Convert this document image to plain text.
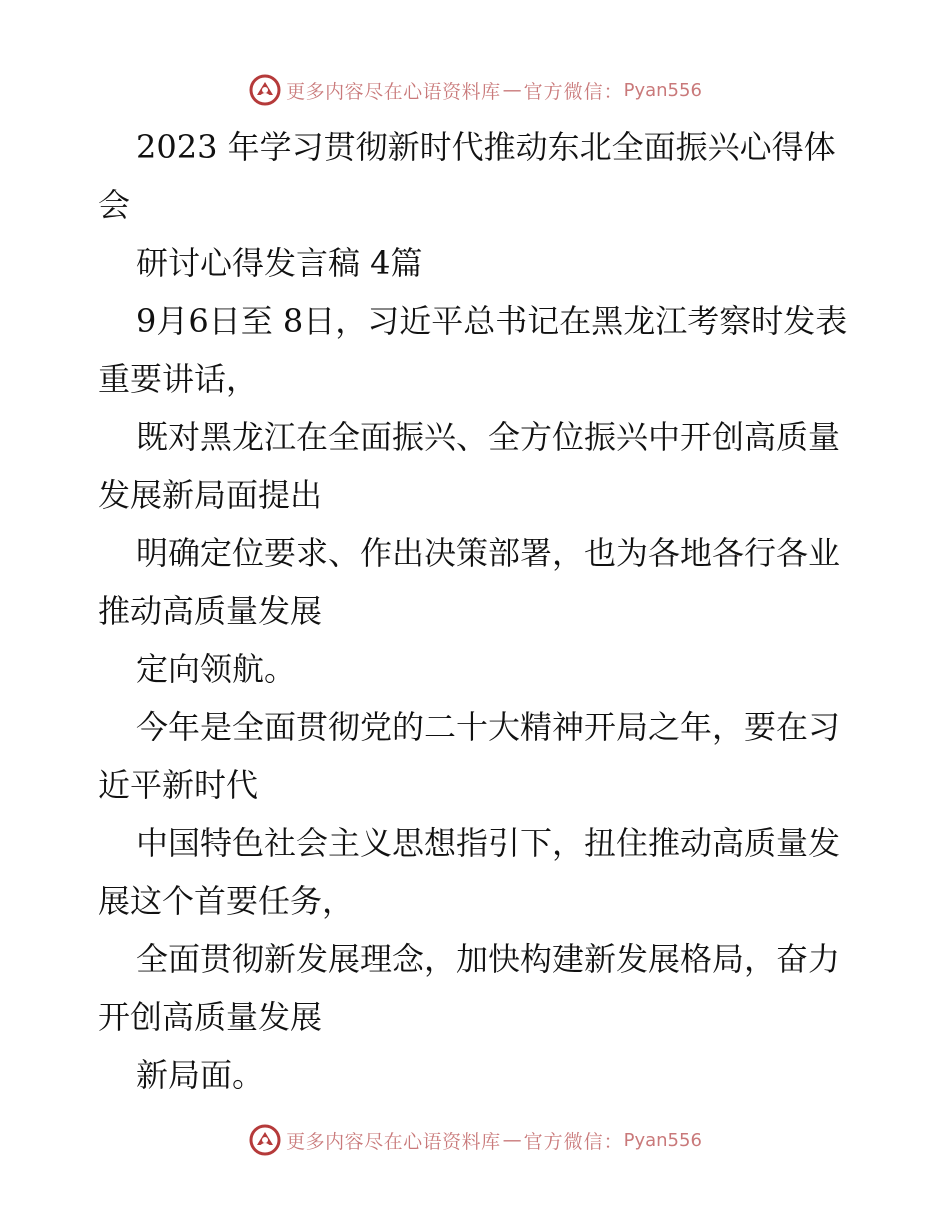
更多内容尽在心语资料库 — 官方微信： Pyan556

2023 年学习贯彻新时代推动东北全面振兴心得体会

研讨心得发言稿 4篇

9月6日至 8日，习近平总书记在黑龙江考察时发表重要讲话，

既对黑龙江在全面振兴、全方位振兴中开创高质量发展新局面提出

明确定位要求、作出决策部署，也为各地各行各业推动高质量发展

定向领航。

今年是全面贯彻党的二十大精神开局之年，要在习近平新时代

中国特色社会主义思想指引下，扭住推动高质量发展这个首要任务，

全面贯彻新发展理念，加快构建新发展格局，奋力开创高质量发展

新局面。

更多内容尽在心语资料库 — 官方微信： Pyan556
